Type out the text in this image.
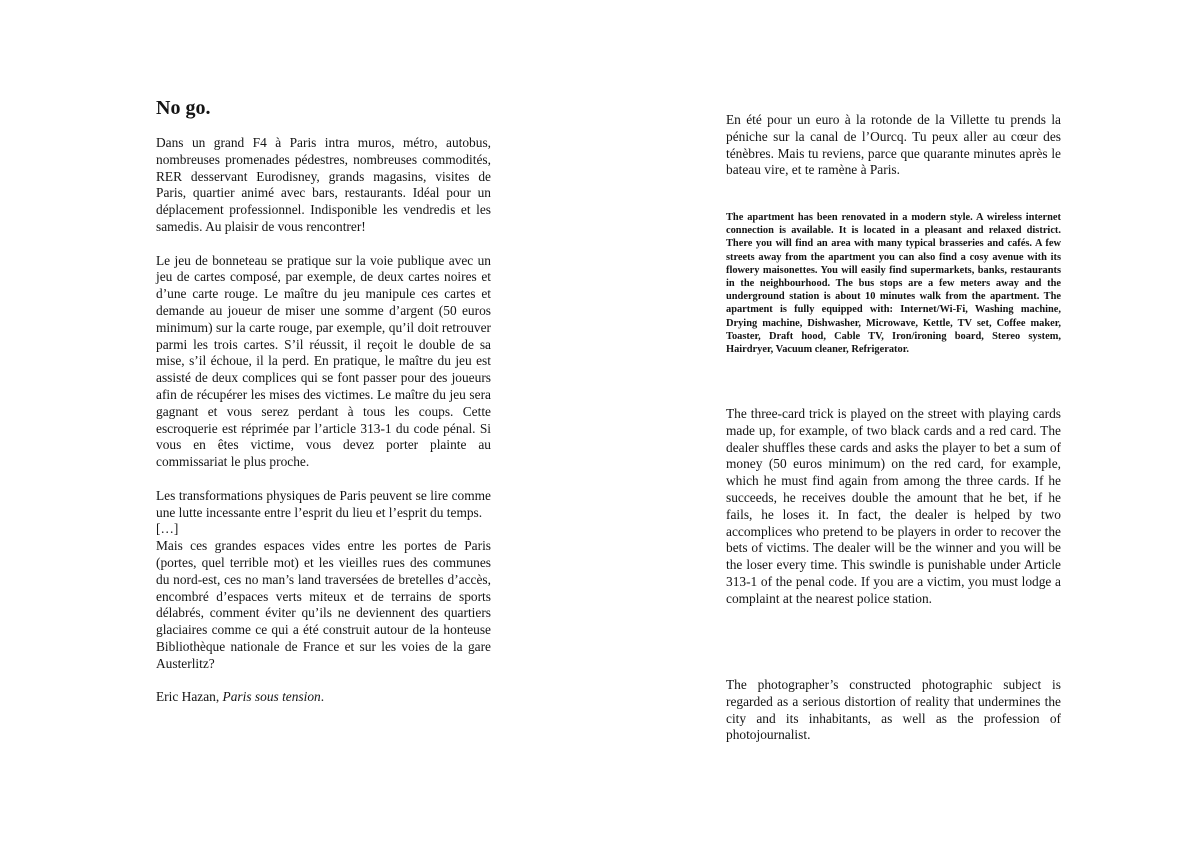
No go.

Dans un grand F4 à Paris intra muros, métro, autobus, nombreuses promenades pédestres, nombreuses commodités, RER desservant Eurodisney, grands magasins, visites de Paris, quartier animé avec bars, restaurants. Idéal pour un déplacement professionnel. Indisponible les vendredis et les samedis. Au plaisir de vous rencontrer!

Le jeu de bonneteau se pratique sur la voie publique avec un jeu de cartes composé, par exemple, de deux cartes noires et d’une carte rouge. Le maître du jeu manipule ces cartes et demande au joueur de miser une somme d’argent (50 euros minimum) sur la carte rouge, par exemple, qu’il doit retrouver parmi les trois cartes. S’il réussit, il reçoit le double de sa mise, s’il échoue, il la perd. En pratique, le maître du jeu est assisté de deux complices qui se font passer pour des joueurs afin de récupérer les mises des victimes. Le maître du jeu sera gagnant et vous serez perdant à tous les coups. Cette escroquerie est réprimée par l’article 313-1 du code pénal. Si vous en êtes victime, vous devez porter plainte au commissariat le plus proche.

Les transformations physiques de Paris peuvent se lire comme une lutte incessante entre l’esprit du lieu et l’esprit du temps.

[…]

Mais ces grandes espaces vides entre les portes de Paris (portes, quel terrible mot) et les vieilles rues des communes du nord-est, ces no man’s land traversées de bretelles d’accès, encombré d’espaces verts miteux et de terrains de sports délabrés, comment éviter qu’ils ne deviennent des quartiers glaciaires comme ce qui a été construit autour de la honteuse Bibliothèque nationale de France et sur les voies de la gare Austerlitz?

Eric Hazan, Paris sous tension.

En été pour un euro à la rotonde de la Villette tu prends la péniche sur la canal de l’Ourcq. Tu peux aller au cœur des ténèbres. Mais tu reviens, parce que quarante minutes après le bateau vire, et te ramène à Paris.

The apartment has been renovated in a modern style. A wireless internet connection is available. It is located in a pleasant and relaxed district. There you will find an area with many typical brasseries and cafés. A few streets away from the apartment you can also find a cosy avenue with its flowery maisonettes. You will easily find supermarkets, banks, restaurants in the neighbourhood. The bus stops are a few meters away and the underground station is about 10 minutes walk from the apartment. The apartment is fully equipped with: Internet/Wi-Fi, Washing machine, Drying machine, Dishwasher, Microwave, Kettle, TV set, Coffee maker, Toaster, Draft hood, Cable TV, Iron/ironing board, Stereo system, Hairdryer, Vacuum cleaner, Refrigerator.

The three-card trick is played on the street with playing cards made up, for example, of two black cards and a red card. The dealer shuffles these cards and asks the player to bet a sum of money (50 euros minimum) on the red card, for example, which he must find again from among the three cards. If he succeeds, he receives double the amount that he bet, if he fails, he loses it. In fact, the dealer is helped by two accomplices who pretend to be players in order to recover the bets of victims. The dealer will be the winner and you will be the loser every time. This swindle is punishable under Article 313-1 of the penal code. If you are a victim, you must lodge a complaint at the nearest police station.

The photographer’s constructed photographic subject is regarded as a serious distortion of reality that undermines the city and its inhabitants, as well as the profession of photojournalist.
